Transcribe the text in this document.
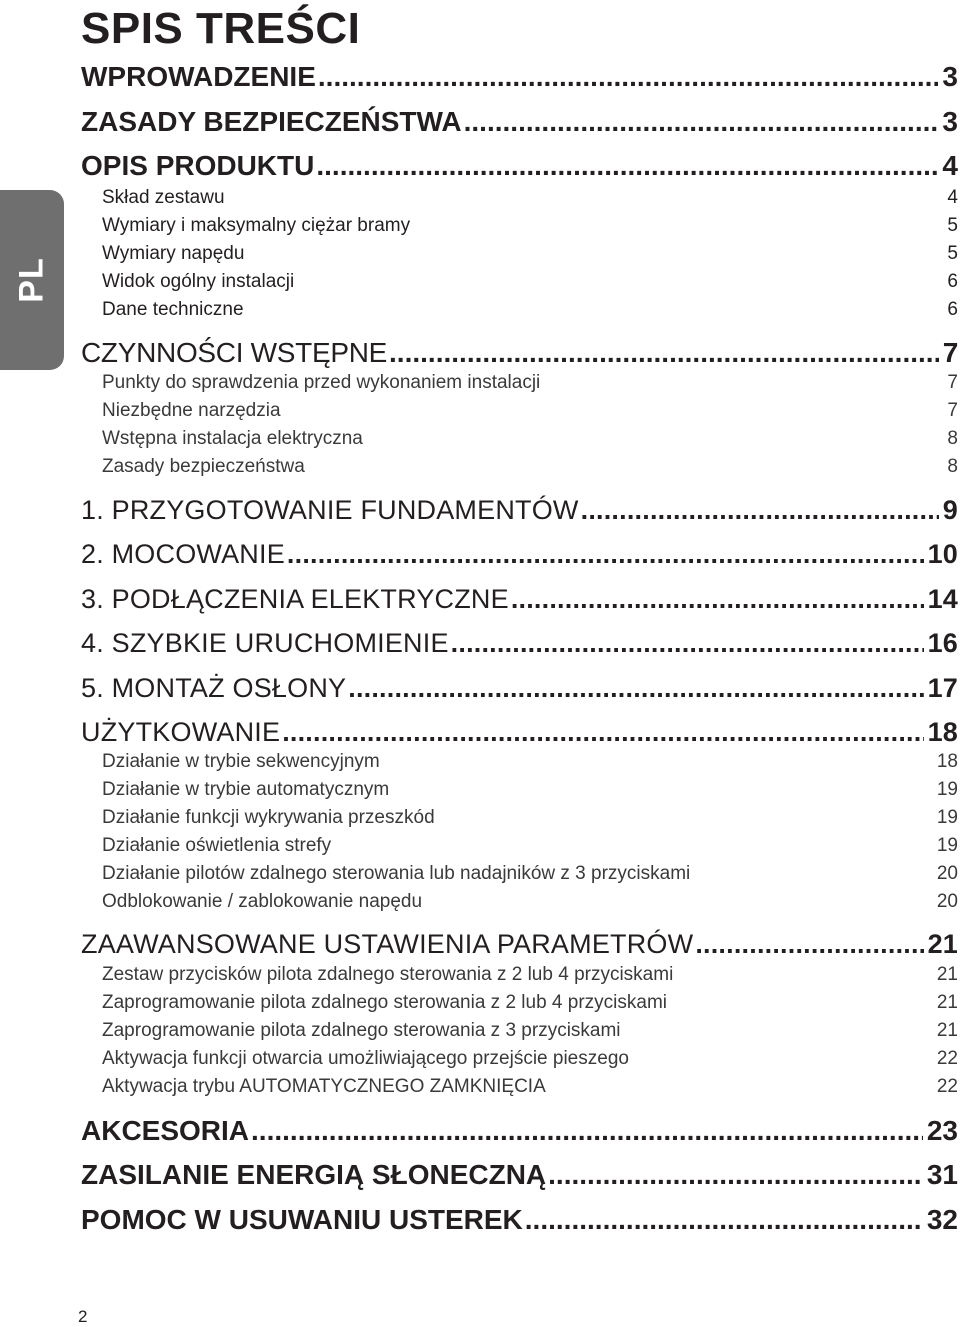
PL
SPIS TREŚCI
WPROWADZENIE .....	3
ZASADY BEZPIECZEŃSTWA .....	3
OPIS PRODUKTU .....	4
Skład zestawu	4
Wymiary i maksymalny ciężar bramy	5
Wymiary napędu	5
Widok ogólny instalacji	6
Dane techniczne	6
CZYNNOŚCI WSTĘPNE .....	7
Punkty do sprawdzenia przed wykonaniem instalacji	7
Niezbędne narzędzia	7
Wstępna instalacja elektryczna	8
Zasady bezpieczeństwa	8
1. PRZYGOTOWANIE FUNDAMENTÓW .....	9
2. MOCOWANIE .....	10
3. PODŁĄCZENIA ELEKTRYCZNE .....	14
4. SZYBKIE URUCHOMIENIE .....	16
5. MONTAŻ OSŁONY .....	17
UŻYTKOWANIE .....	18
Działanie w trybie sekwencyjnym	18
Działanie w trybie automatycznym	19
Działanie funkcji wykrywania przeszkód	19
Działanie oświetlenia strefy	19
Działanie pilotów zdalnego sterowania lub nadajników z 3 przyciskami	20
Odblokowanie / zablokowanie napędu	20
ZAAWANSOWANE USTAWIENIA PARAMETRÓW .....	21
Zestaw przycisków pilota zdalnego sterowania z 2 lub 4 przyciskami	21
Zaprogramowanie pilota zdalnego sterowania z 2 lub 4 przyciskami	21
Zaprogramowanie pilota zdalnego sterowania z 3 przyciskami	21
Aktywacja funkcji otwarcia umożliwiającego przejście pieszego	22
Aktywacja trybu AUTOMATYCZNEGO ZAMKNIĘCIA	22
AKCESORIA .....	23
ZASILANIE ENERGIĄ SŁONECZNĄ .....	31
POMOC W USUWANIU USTEREK .....	32
2
